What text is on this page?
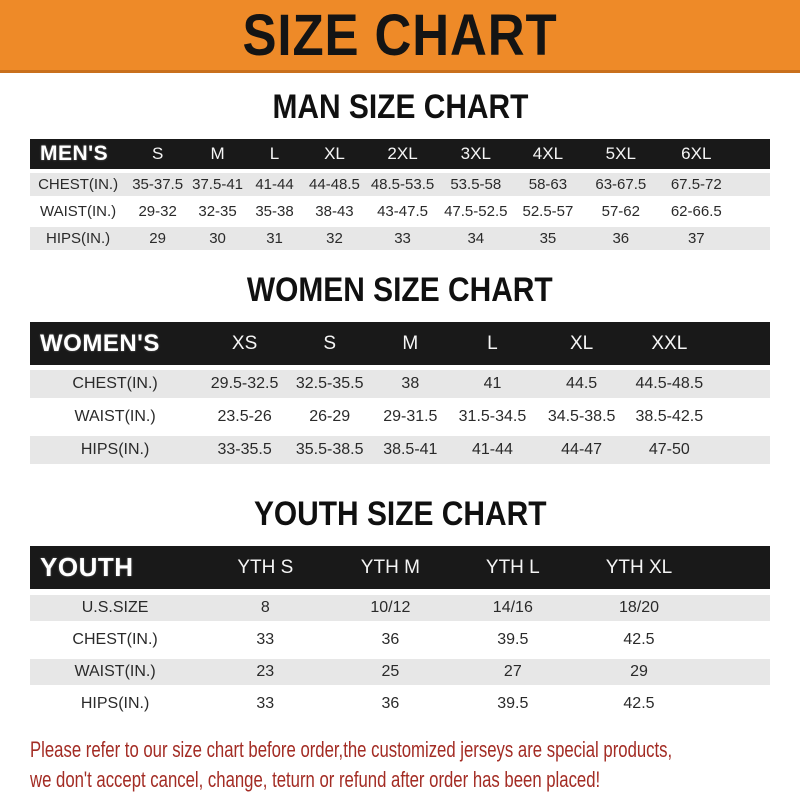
SIZE CHART
MAN SIZE CHART
MEN'S	S	M	L	XL	2XL	3XL	4XL	5XL	6XL
CHEST(IN.) 35-37.5 37.5-41 41-44	44-48.5 48.5-53.5	53.5-58	58-63	63-67.5	67.5-72
WAIST(IN.)	29-32	32-35	35-38	38-43	43-47.5	47.5-52.5	52.5-57	57-62	62-66.5
HIPS(IN.)	29	30	31	32	33	34	35	36	37
WOMEN SIZE CHART
WOMEN'S	XS	S	M	L	XL	XXL
CHEST(IN.)	29.5-32.5	32.5-35.5	38	41	44.5	44.5-48.5
WAIST(IN.)	23.5-26	26-29	29-31.5	31.5-34.5	34.5-38.5	38.5-42.5
HIPS(IN.)	33-35.5	35.5-38.5	38.5-41	41-44	44-47	47-50
YOUTH SIZE CHART
YOUTH	YTH S	YTH M	YTH L	YTH XL
U.S.SIZE	8	10/12	14/16	18/20
CHEST(IN.)	33	36	39.5	42.5
WAIST(IN.)	23	25	27	29
HIPS(IN.)	33	36	39.5	42.5

Please refer to our size chart before order,the customized jerseys are special products,

we don't accept cancel, change, teturn or refund after order has been placed!
